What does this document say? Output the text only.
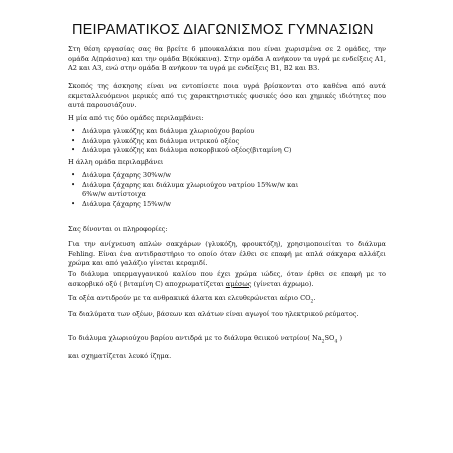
ΠΕΙΡΑΜΑΤΙΚΟΣ ΔΙΑΓΩΝΙΣΜΟΣ ΓΥΜΝΑΣΙΩΝ

Στη θέση εργασίας σας θα βρείτε 6 μπουκαλάκια που είναι χωρισμένα σε 2 ομάδες, την ομάδα Α(πράσινα) και την ομάδα Β(κόκκινα). Στην ομάδα Α ανήκουν τα υγρά με ενδείξεις Α1, Α2 και Α3, ενώ στην ομάδα Β ανήκουν τα υγρά με ενδείξεις Β1, Β2 και Β3.

Σκοπός της άσκησης είναι να εντοπίσετε ποια υγρά βρίσκονται στο καθένα από αυτά εκμεταλλευόμενοι μερικές από τις χαρακτηριστικές φυσικές όσο και χημικές ιδιότητες που αυτά παρουσιάζουν.

Η μία από τις δύο ομάδες περιλαμβάνει:
• Διάλυμα γλυκόζης και διάλυμα χλωριούχου βαρίου
• Διάλυμα γλυκόζης και διάλυμα νιτρικού οξέος
• Διάλυμα γλυκόζης και διάλυμα ασκορβικού οξέος(βιταμίνη C)
Η άλλη ομάδα περιλαμβάνει
• Διάλυμα ζάχαρης 30%w/w
• Διάλυμα ζάχαρης και διάλυμα χλωριούχου νατρίου 15%w/w και 6%w/w αντίστοιχα
• Διάλυμα ζάχαρης 15%w/w
Σας δίνονται οι πληροφορίες:

Για την ανίχνευση απλών σακχάρων (γλυκόζη, φρουκτόζη), χρησιμοποιείται το διάλυμα Fehling. Είναι ένα αντιδραστήριο το οποίο όταν έλθει σε επαφή με απλά σάκχαρα αλλάζει χρώμα και από γαλάζιο γίνεται κεραμιδί.

Το διάλυμα υπερμαγγανικού καλίου που έχει χρώμα ιώδες, όταν έρθει σε επαφή με το ασκορβικό οξύ ( βιταμίνη C) αποχρωματίζεται αμέσως (γίνεται άχρωμο).

Τα οξέα αντιδρούν με τα ανθρακικά άλατα και ελευθερώνεται αέριο $CO_2$.

Τα διαλύματα των οξέων, βάσεων και αλάτων είναι αγωγοί του ηλεκτρικού ρεύματος.

Το διάλυμα χλωριούχου βαρίου αντιδρά με το διάλυμα θειικού νατρίου( $Na_2SO_4$ )

και σχηματίζεται λευκό ίζημα.
